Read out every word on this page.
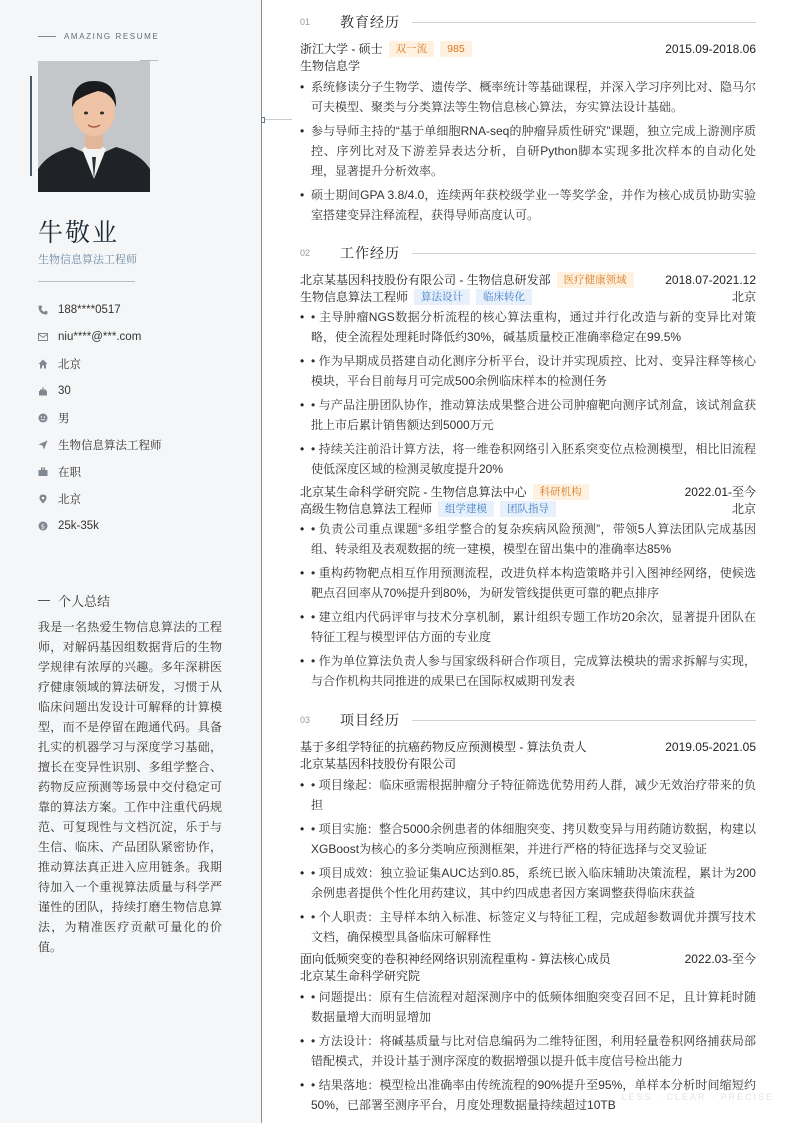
AMAZING RESUME
牛敬业
生物信息算法工程师
188****0517
niu****@***.com
北京
30
男
生物信息算法工程师
在职
北京
$ 25k-35k
个人总结
我是一名热爱生物信息算法的工程师，对解码基因组数据背后的生物学规律有浓厚的兴趣。多年深耕医疗健康领域的算法研发，习惯于从临床问题出发设计可解释的计算模型，而不是停留在跑通代码。具备扎实的机器学习与深度学习基础，擅长在变异性识别、多组学整合、药物反应预测等场景中交付稳定可靠的算法方案。工作中注重代码规范、可复现性与文档沉淀，乐于与生信、临床、产品团队紧密协作，推动算法真正进入应用链条。我期待加入一个重视算法质量与科学严谨性的团队，持续打磨生物信息算法，为精准医疗贡献可量化的价值。
01	教育经历
浙江大学 - 硕士	双一流	985	2015.09-2018.06
生物信息学
• 系统修读分子生物学、遗传学、概率统计等基础课程，并深入学习序列比对、隐马尔可夫模型、聚类与分类算法等生物信息核心算法，夯实算法设计基础。
• 参与导师主持的“基于单细胞RNA-seq的肿瘤异质性研究”课题，独立完成上游测序质控、序列比对及下游差异表达分析，自研Python脚本实现多批次样本的自动化处理，显著提升分析效率。
• 硕士期间GPA 3.8/4.0，连续两年获校级学业一等奖学金，并作为核心成员协助实验室搭建变异注释流程，获得导师高度认可。
02	工作经历
北京某基因科技股份有限公司 - 生物信息研发部	医疗健康领域	2018.07-2021.12
生物信息算法工程师	算法设计	临床转化	北京
• • 主导肿瘤NGS数据分析流程的核心算法重构，通过并行化改造与新的变异比对策略，使全流程处理耗时降低约30%，碱基质量校正准确率稳定在99.5%
• • 作为早期成员搭建自动化测序分析平台，设计并实现质控、比对、变异注释等核心模块，平台目前每月可完成500余例临床样本的检测任务
• • 与产品注册团队协作，推动算法成果整合进公司肿瘤靶向测序试剂盒，该试剂盒获批上市后累计销售额达到5000万元
• • 持续关注前沿计算方法，将一维卷积网络引入胚系突变位点检测模型，相比旧流程使低深度区域的检测灵敏度提升20%
北京某生命科学研究院 - 生物信息算法中心	科研机构	2022.01-至今
高级生物信息算法工程师	组学建模	团队指导	北京
• • 负责公司重点课题“多组学整合的复杂疾病风险预测”，带领5人算法团队完成基因组、转录组及表观数据的统一建模，模型在留出集中的准确率达85%
• • 重构药物靶点相互作用预测流程，改进负样本构造策略并引入图神经网络，使候选靶点召回率从70%提升到80%，为研发管线提供更可靠的靶点排序
• • 建立组内代码评审与技术分享机制，累计组织专题工作坊20余次，显著提升团队在特征工程与模型评估方面的专业度
• • 作为单位算法负责人参与国家级科研合作项目，完成算法模块的需求拆解与实现，与合作机构共同推进的成果已在国际权威期刊发表
03	项目经历
基于多组学特征的抗癌药物反应预测模型 - 算法负责人	2019.05-2021.05
北京某基因科技股份有限公司
• • 项目缘起：临床亟需根据肿瘤分子特征筛选优势用药人群，减少无效治疗带来的负担
• • 项目实施：整合5000余例患者的体细胞突变、拷贝数变异与用药随访数据，构建以XGBoost为核心的多分类响应预测框架，并进行严格的特征选择与交叉验证
• • 项目成效：独立验证集AUC达到0.85，系统已嵌入临床辅助决策流程，累计为200余例患者提供个性化用药建议，其中约四成患者因方案调整获得临床获益
• • 个人职责：主导样本纳入标准、标签定义与特征工程，完成超参数调优并撰写技术文档，确保模型具备临床可解释性
面向低频突变的卷积神经网络识别流程重构 - 算法核心成员	2022.03-至今
北京某生命科学研究院
• • 问题提出：原有生信流程对超深测序中的低频体细胞突变召回不足，且计算耗时随数据量增大而明显增加
• • 方法设计：将碱基质量与比对信息编码为二维特征图，利用轻量卷积网络捕获局部错配模式，并设计基于测序深度的数据增强以提升低丰度信号检出能力
• • 结果落地：模型检出准确率由传统流程的90%提升至95%，单样本分析时间缩短约50%，已部署至测序平台，月度处理数据量持续超过10TB
LESS · CLEAR · PRECISE
